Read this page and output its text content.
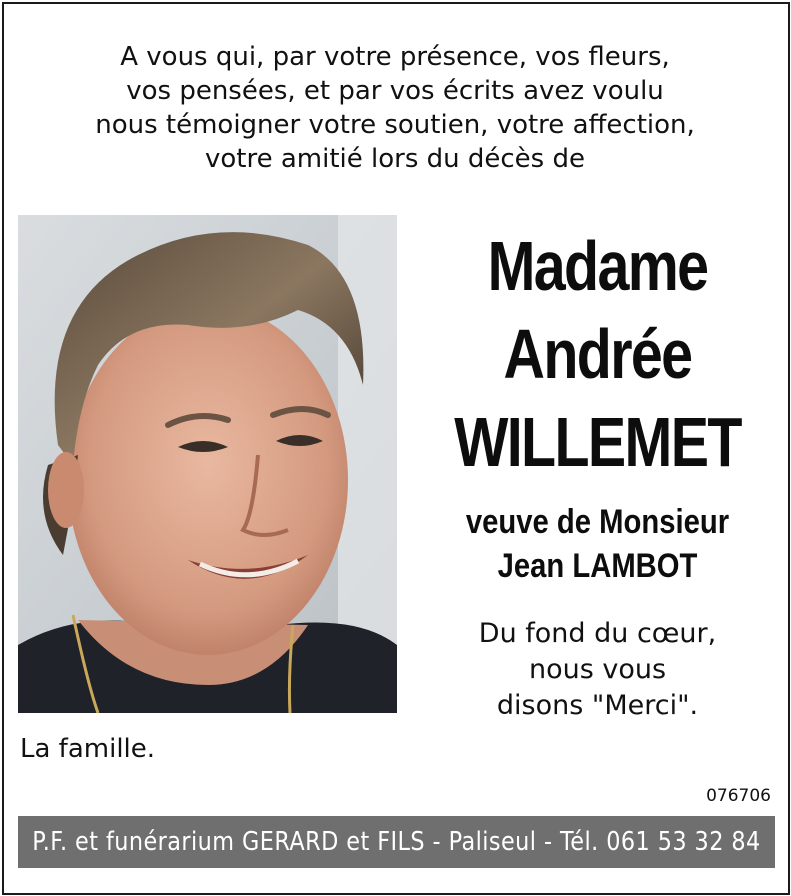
A vous qui, par votre présence, vos fleurs,
vos pensées, et par vos écrits avez voulu
nous témoigner votre soutien, votre affection,
votre amitié lors du décès de
Madame
Andrée
WILLEMET
veuve de Monsieur
Jean LAMBOT
Du fond du cœur,
nous vous
disons "Merci".
La famille.
076706
P.F. et funérarium GERARD et FILS - Paliseul - Tél. 061 53 32 84
